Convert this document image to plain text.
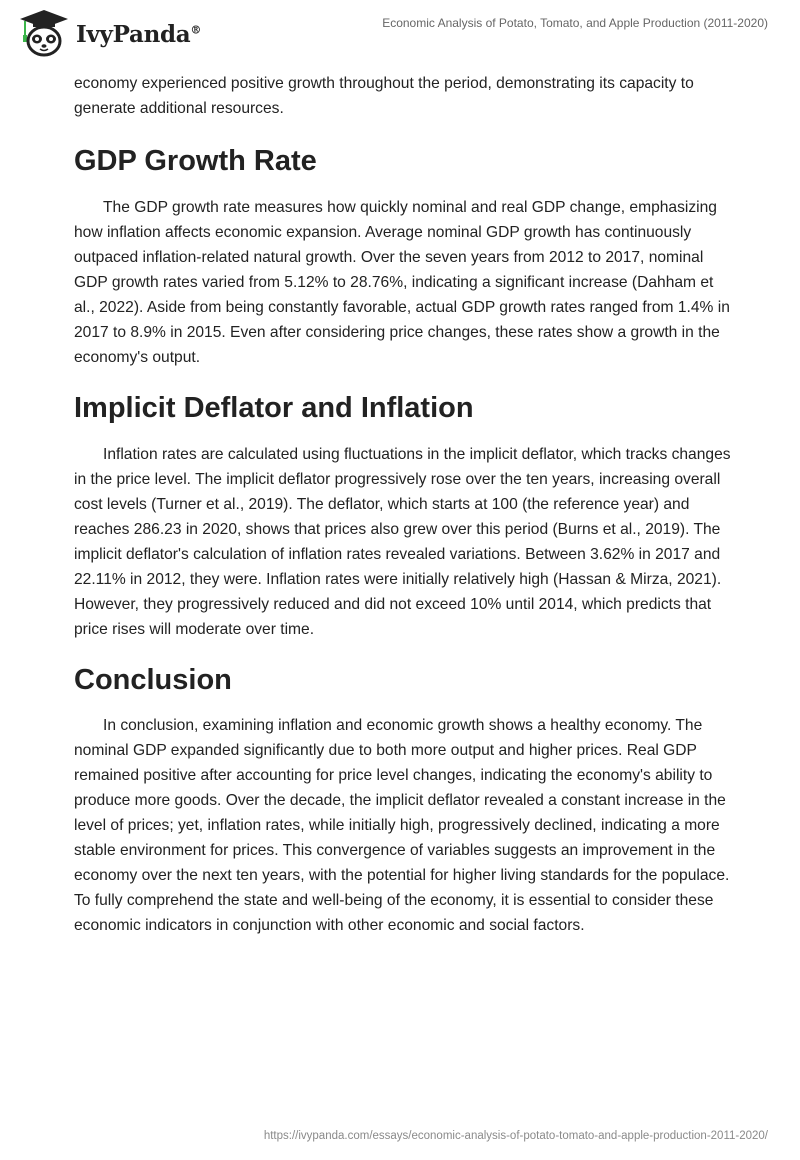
IvyPanda®	Economic Analysis of Potato, Tomato, and Apple Production (2011-2020)

economy experienced positive growth throughout the period, demonstrating its capacity to generate additional resources.

GDP Growth Rate

The GDP growth rate measures how quickly nominal and real GDP change, emphasizing how inflation affects economic expansion. Average nominal GDP growth has continuously outpaced inflation-related natural growth. Over the seven years from 2012 to 2017, nominal GDP growth rates varied from 5.12% to 28.76%, indicating a significant increase (Dahham et al., 2022). Aside from being constantly favorable, actual GDP growth rates ranged from 1.4% in 2017 to 8.9% in 2015. Even after considering price changes, these rates show a growth in the economy's output.

Implicit Deflator and Inflation

Inflation rates are calculated using fluctuations in the implicit deflator, which tracks changes in the price level. The implicit deflator progressively rose over the ten years, increasing overall cost levels (Turner et al., 2019). The deflator, which starts at 100 (the reference year) and reaches 286.23 in 2020, shows that prices also grew over this period (Burns et al., 2019). The implicit deflator's calculation of inflation rates revealed variations. Between 3.62% in 2017 and 22.11% in 2012, they were. Inflation rates were initially relatively high (Hassan & Mirza, 2021). However, they progressively reduced and did not exceed 10% until 2014, which predicts that price rises will moderate over time.

Conclusion

In conclusion, examining inflation and economic growth shows a healthy economy. The nominal GDP expanded significantly due to both more output and higher prices. Real GDP remained positive after accounting for price level changes, indicating the economy's ability to produce more goods. Over the decade, the implicit deflator revealed a constant increase in the level of prices; yet, inflation rates, while initially high, progressively declined, indicating a more stable environment for prices. This convergence of variables suggests an improvement in the economy over the next ten years, with the potential for higher living standards for the populace. To fully comprehend the state and well-being of the economy, it is essential to consider these economic indicators in conjunction with other economic and social factors.

https://ivypanda.com/essays/economic-analysis-of-potato-tomato-and-apple-production-2011-2020/
